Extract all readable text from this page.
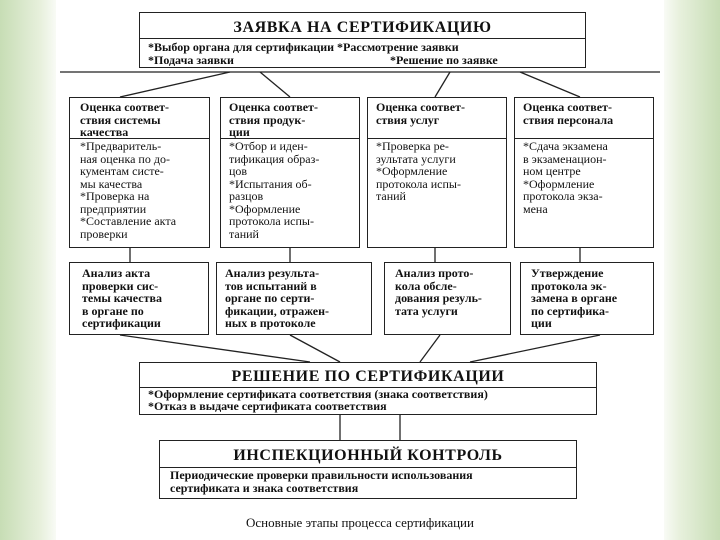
ЗАЯВКА НА СЕРТИФИКАЦИЮ
*Выбор органа для сертификации *Рассмотрение заявки
*Подача заявки	*Решение по заявке
Оценка соответ-
ствия системы
качества
*Предваритель-
ная оценка по до-
кументам систе-
мы качества
*Проверка на
предприятии
*Составление акта
проверки
Оценка соответ-
ствия продук-
ции
*Отбор и иден-
тификация образ-
цов
*Испытания об-
разцов
*Оформление
протокола испы-
таний
Оценка соответ-
ствия услуг
*Проверка ре-
зультата услуги
*Оформление
протокола испы-
таний
Оценка соответ-
ствия персонала
*Сдача экзамена
в экзаменацион-
ном центре
*Оформление
протокола экза-
мена
Анализ акта
проверки сис-
темы качества
в органе по
сертификации
Анализ результа-
тов испытаний в
органе по серти-
фикации, отражен-
ных в протоколе
Анализ прото-
кола обсле-
дования резуль-
тата услуги
Утверждение
протокола эк-
замена в органе
по сертифика-
ции
РЕШЕНИЕ ПО СЕРТИФИКАЦИИ
*Оформление сертификата соответствия (знака соответствия)
*Отказ в выдаче сертификата соответствия
ИНСПЕКЦИОННЫЙ КОНТРОЛЬ
Периодические проверки правильности использования
сертификата и знака соответствия
Основные этапы процесса сертификации
